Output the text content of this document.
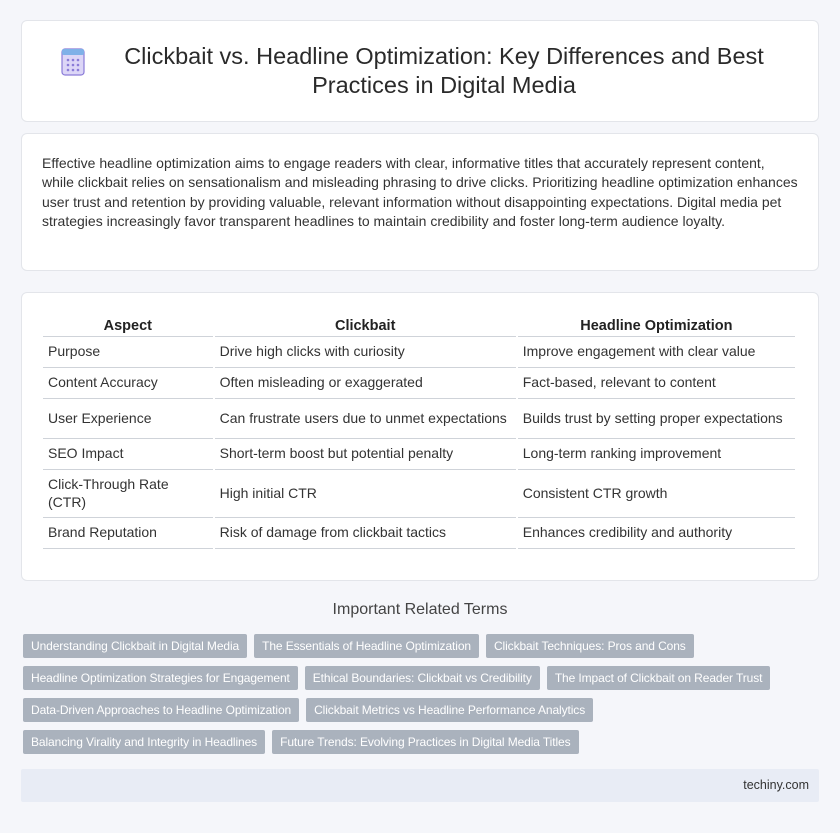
Clickbait vs. Headline Optimization: Key Differences and Best Practices in Digital Media

Effective headline optimization aims to engage readers with clear, informative titles that accurately represent content, while clickbait relies on sensationalism and misleading phrasing to drive clicks. Prioritizing headline optimization enhances user trust and retention by providing valuable, relevant information without disappointing expectations. Digital media pet strategies increasingly favor transparent headlines to maintain credibility and foster long-term audience loyalty.

Aspect	Clickbait	Headline Optimization
Purpose	Drive high clicks with curiosity	Improve engagement with clear value
Content Accuracy	Often misleading or exaggerated	Fact-based, relevant to content
User Experience	Can frustrate users due to unmet expectations	Builds trust by setting proper expectations
SEO Impact	Short-term boost but potential penalty	Long-term ranking improvement
Click-Through Rate (CTR)	High initial CTR	Consistent CTR growth
Brand Reputation	Risk of damage from clickbait tactics	Enhances credibility and authority
Important Related Terms
Understanding Clickbait in Digital Media	The Essentials of Headline Optimization	Clickbait Techniques: Pros and Cons
Headline Optimization Strategies for Engagement	Ethical Boundaries: Clickbait vs Credibility	The Impact of Clickbait on Reader Trust
Data-Driven Approaches to Headline Optimization	Clickbait Metrics vs Headline Performance Analytics
Balancing Virality and Integrity in Headlines	Future Trends: Evolving Practices in Digital Media Titles
techiny.com
